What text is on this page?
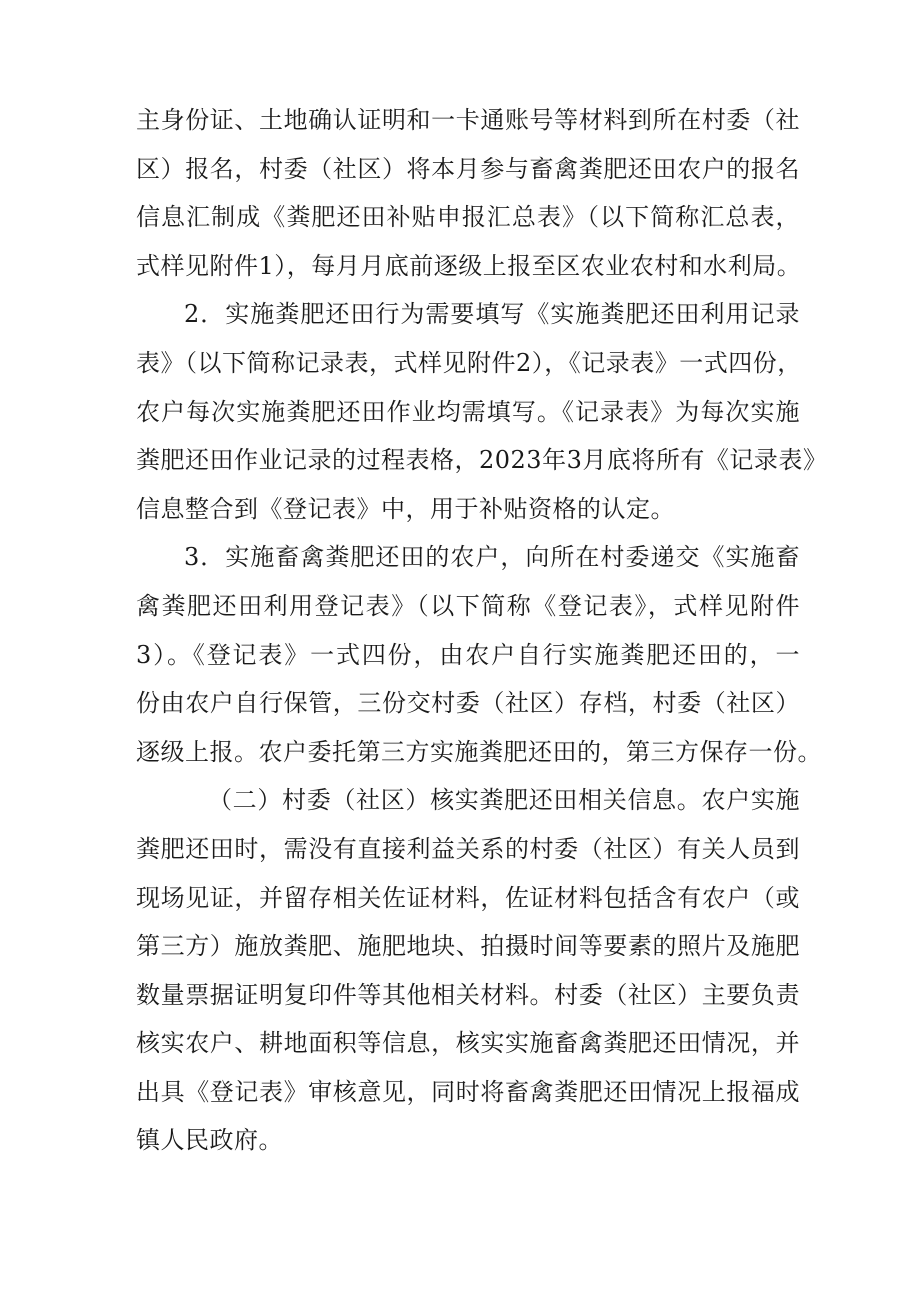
主身份证、土地确认证明和一卡通账号等材料到所在村委（社
区）报名，村委（社区）将本月参与畜禽粪肥还田农户的报名
信息汇制成《粪肥还田补贴申报汇总表》（以下简称汇总表，
式样见附件1），每月月底前逐级上报至区农业农村和水利局。
2．实施粪肥还田行为需要填写《实施粪肥还田利用记录
表》（以下简称记录表，式样见附件2），《记录表》一式四份，
农户每次实施粪肥还田作业均需填写。《记录表》为每次实施
粪肥还田作业记录的过程表格，2023年3月底将所有《记录表》
信息整合到《登记表》中，用于补贴资格的认定。
3．实施畜禽粪肥还田的农户，向所在村委递交《实施畜
禽粪肥还田利用登记表》（以下简称《登记表》，式样见附件
3）。《登记表》一式四份，由农户自行实施粪肥还田的，一
份由农户自行保管，三份交村委（社区）存档，村委（社区）
逐级上报。农户委托第三方实施粪肥还田的，第三方保存一份。
（二）村委（社区）核实粪肥还田相关信息。农户实施
粪肥还田时，需没有直接利益关系的村委（社区）有关人员到
现场见证，并留存相关佐证材料，佐证材料包括含有农户（或
第三方）施放粪肥、施肥地块、拍摄时间等要素的照片及施肥
数量票据证明复印件等其他相关材料。村委（社区）主要负责
核实农户、耕地面积等信息，核实实施畜禽粪肥还田情况，并
出具《登记表》审核意见，同时将畜禽粪肥还田情况上报福成
镇人民政府。
